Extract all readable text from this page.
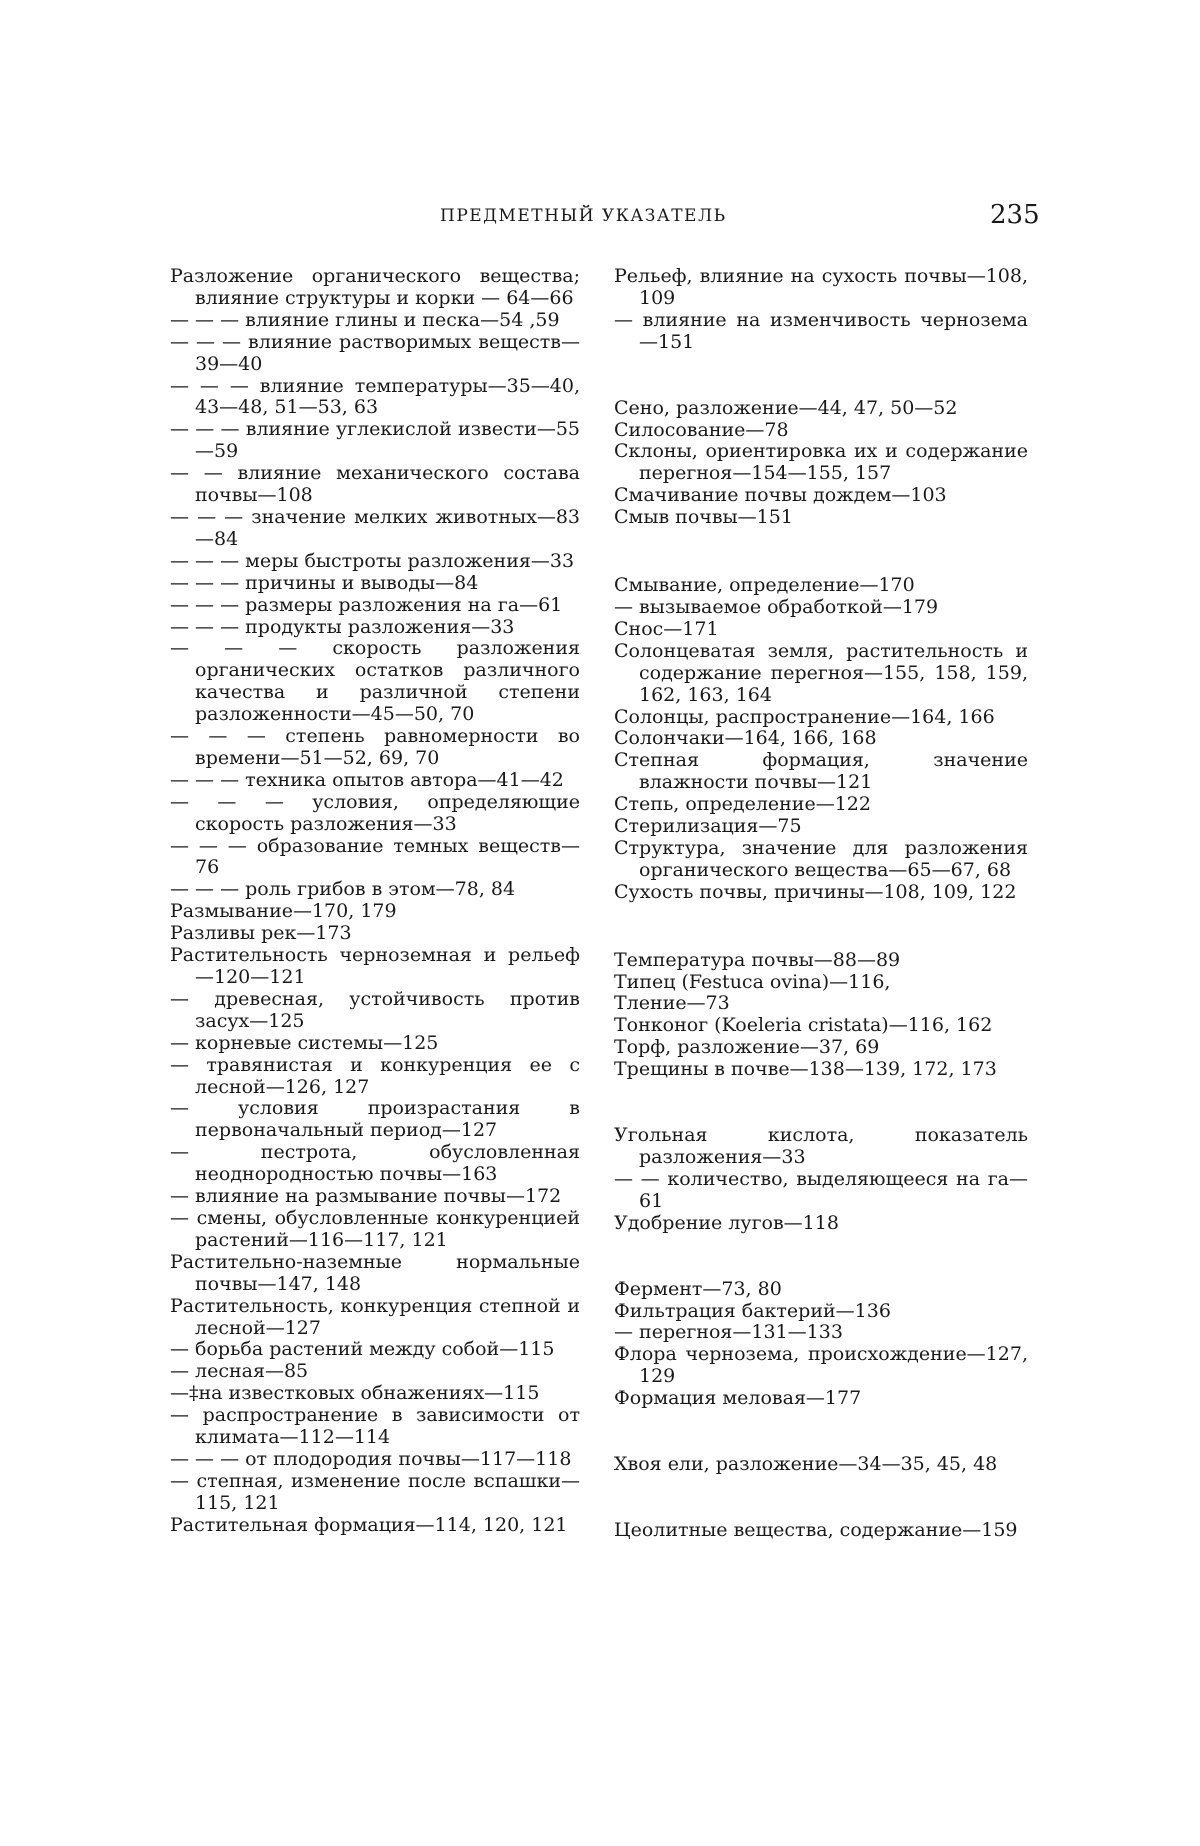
ПРЕДМЕТНЫЙ УКАЗАТЕЛЬ	235
Разложение органического вещества; влияние структуры и корки — 64—66
— — — влияние глины и песка—54 ,59
— — — влияние растворимых веществ—39—40
— — — влияние температуры—35—40, 43—48, 51—53, 63
— — — влияние углекислой извести—55—59
— — влияние механического состава почвы—108
— — — значение мелких животных—83—84
— — — меры быстроты разложения—33
— — — причины и выводы—84
— — — размеры разложения на га—61
— — — продукты разложения—33
— — — скорость разложения органических остатков различного качества и различной степени разложенности—45—50, 70
— — — степень равномерности во времени—51—52, 69, 70
— — — техника опытов автора—41—42
— — — условия, определяющие скорость разложения—33
— — — образование темных веществ—76
— — — роль грибов в этом—78, 84
Размывание—170, 179
Разливы рек—173
Растительность черноземная и рельеф—120—121
— древесная, устойчивость против засух—125
— корневые системы—125
— травянистая и конкуренция ее с лесной—126, 127
— условия произрастания в первоначальный период—127
— пестрота, обусловленная неоднородностью почвы—163
— влияние на размывание почвы—172
— смены, обусловленные конкуренцией растений—116—117, 121
Растительно-наземные нормальные почвы—147, 148
Растительность, конкуренция степной и лесной—127
— борьба растений между собой—115
— лесная—85
—‡на известковых обнажениях—115
— распространение в зависимости от климата—112—114
— — — от плодородия почвы—117—118
— степная, изменение после вспашки—115, 121
Растительная формация—114, 120, 121
Рельеф, влияние на сухость почвы—108, 109
— влияние на изменчивость чернозема—151
Сено, разложение—44, 47, 50—52
Силосование—78
Склоны, ориентировка их и содержание перегноя—154—155, 157
Смачивание почвы дождем—103
Смыв почвы—151
Смывание, определение—170
— вызываемое обработкой—179
Снос—171
Солонцеватая земля, растительность и содержание перегноя—155, 158, 159, 162, 163, 164
Солонцы, распространение—164, 166
Солончаки—164, 166, 168
Степная формация, значение влажности почвы—121
Степь, определение—122
Стерилизация—75
Структура, значение для разложения органического вещества—65—67, 68
Сухость почвы, причины—108, 109, 122
Температура почвы—88—89
Типец (Festuca ovina)—116,
Тление—73
Тонконог (Koeleria cristata)—116, 162
Торф, разложение—37, 69
Трещины в почве—138—139, 172, 173
Угольная кислота, показатель разложения—33
— — количество, выделяющееся на га—61
Удобрение лугов—118
Фермент—73, 80
Фильтрация бактерий—136
— перегноя—131—133
Флора чернозема, происхождение—127, 129
Формация меловая—177
Хвоя ели, разложение—34—35, 45, 48
Цеолитные вещества, содержание—159
